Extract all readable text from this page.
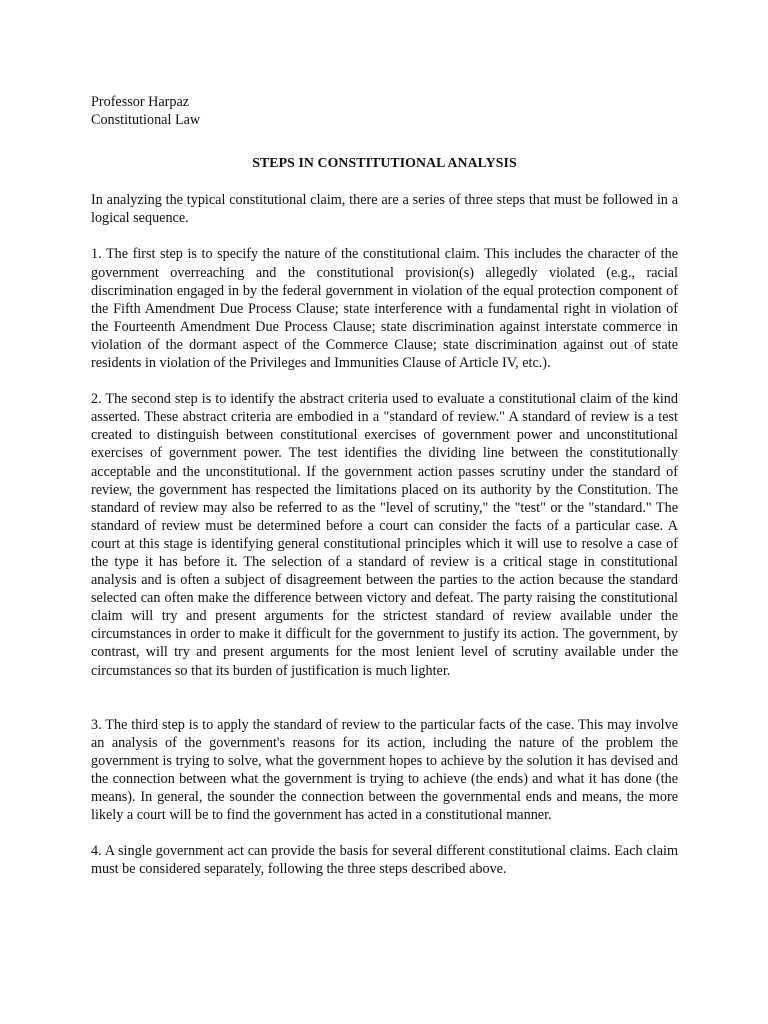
Professor Harpaz

Constitutional Law

STEPS IN CONSTITUTIONAL ANALYSIS

In analyzing the typical constitutional claim, there are a series of three steps that must be followed in a logical sequence.

1. The first step is to specify the nature of the constitutional claim. This includes the character of the government overreaching and the constitutional provision(s) allegedly violated (e.g., racial discrimination engaged in by the federal government in violation of the equal protection component of the Fifth Amendment Due Process Clause; state interference with a fundamental right in violation of the Fourteenth Amendment Due Process Clause; state discrimination against interstate commerce in violation of the dormant aspect of the Commerce Clause; state discrimination against out of state residents in violation of the Privileges and Immunities Clause of Article IV, etc.).

2. The second step is to identify the abstract criteria used to evaluate a constitutional claim of the kind asserted. These abstract criteria are embodied in a "standard of review." A standard of review is a test created to distinguish between constitutional exercises of government power and unconstitutional exercises of government power. The test identifies the dividing line between the constitutionally acceptable and the unconstitutional. If the government action passes scrutiny under the standard of review, the government has respected the limitations placed on its authority by the Constitution. The standard of review may also be referred to as the "level of scrutiny," the "test" or the "standard." The standard of review must be determined before a court can consider the facts of a particular case. A court at this stage is identifying general constitutional principles which it will use to resolve a case of the type it has before it. The selection of a standard of review is a critical stage in constitutional analysis and is often a subject of disagreement between the parties to the action because the standard selected can often make the difference between victory and defeat. The party raising the constitutional claim will try and present arguments for the strictest standard of review available under the circumstances in order to make it difficult for the government to justify its action. The government, by contrast, will try and present arguments for the most lenient level of scrutiny available under the circumstances so that its burden of justification is much lighter.

3. The third step is to apply the standard of review to the particular facts of the case. This may involve an analysis of the government's reasons for its action, including the nature of the problem the government is trying to solve, what the government hopes to achieve by the solution it has devised and the connection between what the government is trying to achieve (the ends) and what it has done (the means). In general, the sounder the connection between the governmental ends and means, the more likely a court will be to find the government has acted in a constitutional manner.

4. A single government act can provide the basis for several different constitutional claims. Each claim must be considered separately, following the three steps described above.
